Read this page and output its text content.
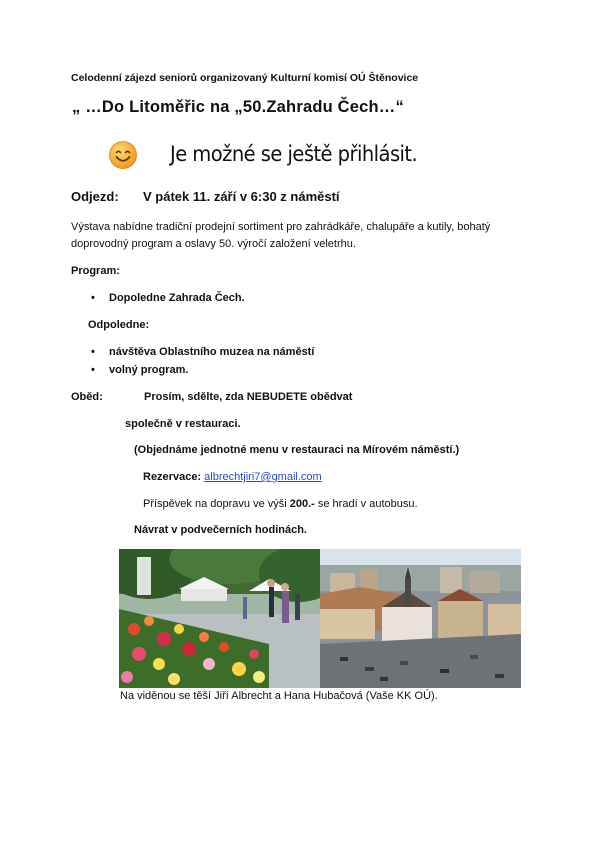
Celodenní zájezd seniorů organizovaný Kulturní komisí OÚ Štěnovice
„ …Do Litoměřic na „50.Zahradu Čech…“
Je možné se ještě přihlásit.
Odjezd: V pátek 11. září v 6:30 z náměstí
Výstava nabídne tradiční prodejní sortiment pro zahrádkáře, chalupáře a kutily, bohatý doprovodný program a oslavy 50. výročí založení veletrhu.
Program:
• Dopoledne Zahrada Čech.
Odpoledne:
• návštěva Oblastního muzea na náměstí
• volný program.
Oběd:	Prosím, sdělte, zda NEBUDETE obědvat
společně v restauraci.
(Objednáme jednotné menu v restauraci na Mírovém náměstí.)
Rezervace: albrechtjiri7@gmail.com
Příspěvek na dopravu ve výši 200.- se hradí v autobusu.
Návrat v podvečerních hodinách.
Na viděnou se těší Jiří Albrecht a Hana Hubačová (Vaše KK OÚ).
